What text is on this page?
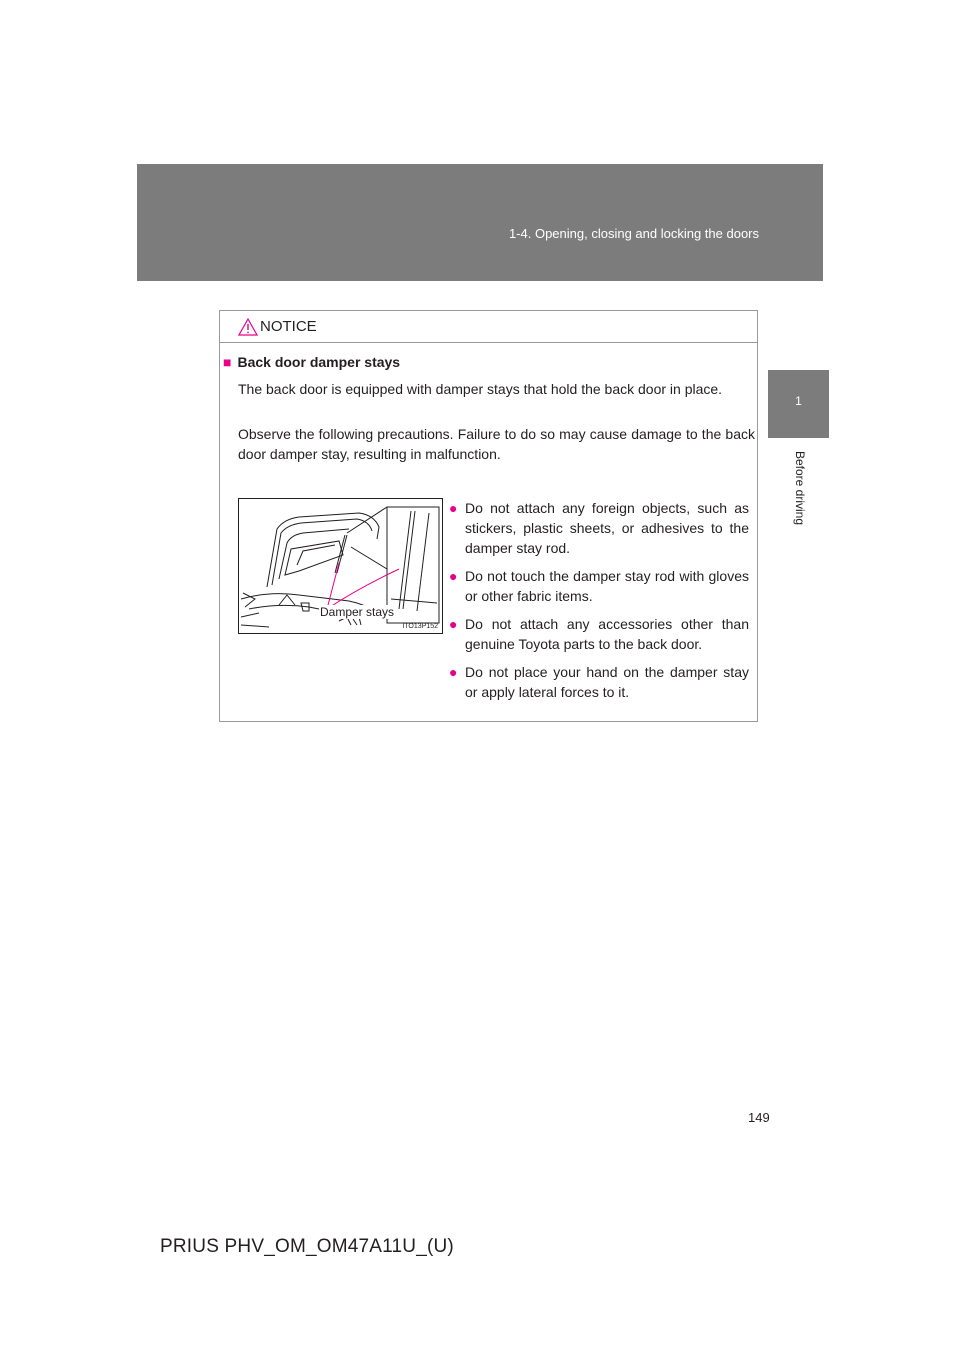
1-4. Opening, closing and locking the doors
1
Before driving
NOTICE
■ Back door damper stays
The back door is equipped with damper stays that hold the back door in place.
Observe the following precautions. Failure to do so may cause damage to the back door damper stay, resulting in malfunction.
Damper stays
ITO13P152
● Do not attach any foreign objects, such as stickers, plastic sheets, or adhesives to the damper stay rod.
● Do not touch the damper stay rod with gloves or other fabric items.
● Do not attach any accessories other than genuine Toyota parts to the back door.
● Do not place your hand on the damper stay or apply lateral forces to it.
149
PRIUS PHV_OM_OM47A11U_(U)
